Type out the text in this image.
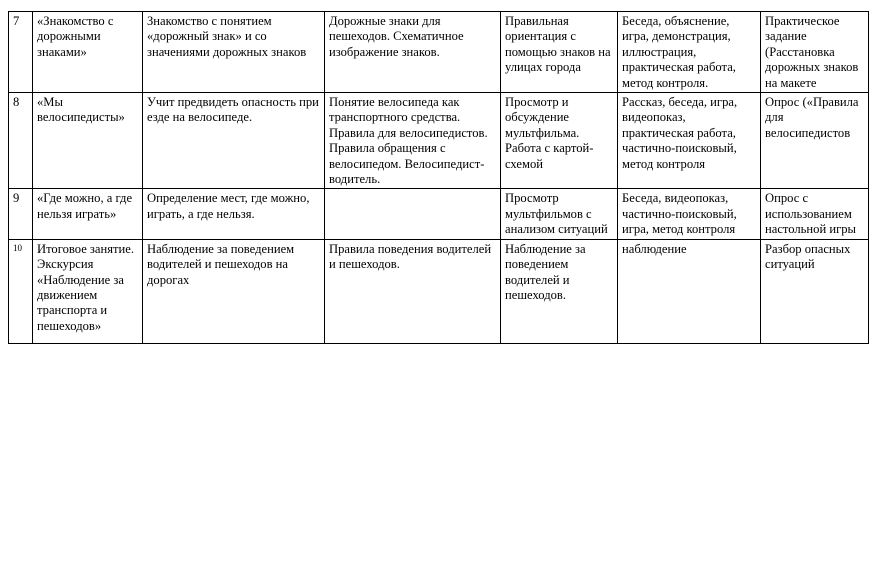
7	«Знакомство с дорожными знаками»	Знакомство с понятием «дорожный знак» и со значениями дорожных знаков	Дорожные знаки для пешеходов. Схематичное изображение знаков.	Правильная ориентация с помощью знаков на улицах города	Беседа, объяснение, игра, демонстрация, иллюстрация, практическая работа, метод контроля.	Практическое задание (Расстановка дорожных знаков на макете
8	«Мы велосипедисты»	Учит предвидеть опасность при езде на велосипеде.	Понятие велосипеда как транспортного средства. Правила для велосипедистов. Правила обращения с велосипедом. Велосипедист-водитель.	Просмотр и обсуждение мультфильма. Работа с картой-схемой	Рассказ, беседа, игра, видеопоказ, практическая работа, частично-поисковый, метод контроля	Опрос («Правила для велосипедистов
9	«Где можно, а где нельзя играть»	Определение мест, где можно, играть, а где нельзя.		Просмотр мультфильмов с анализом ситуаций	Беседа, видеопоказ, частично-поисковый, игра, метод контроля	Опрос с использованием настольной игры
10	Итоговое занятие. Экскурсия «Наблюдение за движением транспорта и пешеходов»	Наблюдение за поведением водителей и пешеходов на дорогах	Правила поведения водителей и пешеходов.	Наблюдение за поведением водителей и пешеходов.	наблюдение	Разбор опасных ситуаций
